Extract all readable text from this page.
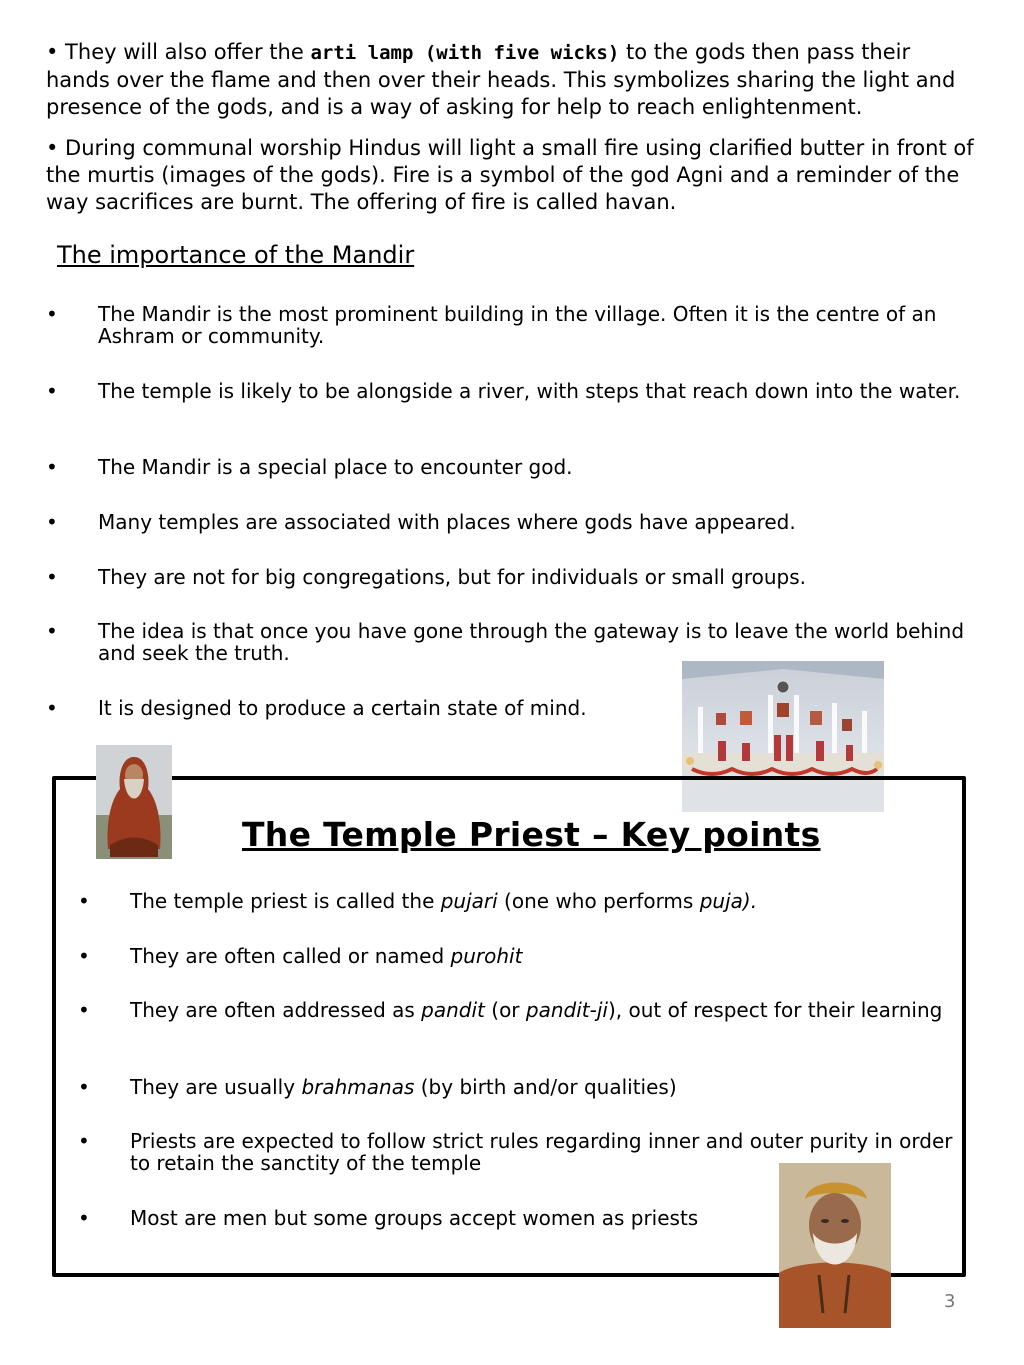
• They will also offer the arti lamp (with five wicks) to the gods then pass their hands over the flame and then over their heads. This symbolizes sharing the light and presence of the gods, and is a way of asking for help to reach enlightenment.

• During communal worship Hindus will light a small fire using clarified butter in front of the murtis (images of the gods). Fire is a symbol of the god Agni and a reminder of the way sacrifices are burnt. The offering of fire is called havan.

The importance of the Mandir
• The Mandir is the most prominent building in the village. Often it is the centre of an Ashram or community.
• The temple is likely to be alongside a river, with steps that reach down into the water.
• The Mandir is a special place to encounter god.
• Many temples are associated with places where gods have appeared.
• They are not for big congregations, but for individuals or small groups.
• The idea is that once you have gone through the gateway is to leave the world behind and seek the truth.
• It is designed to produce a certain state of mind.
The Temple Priest – Key points
• The temple priest is called the pujari (one who performs puja).
• They are often called or named purohit
• They are often addressed as pandit (or pandit-ji), out of respect for their learning
• They are usually brahmanas (by birth and/or qualities)
• Priests are expected to follow strict rules regarding inner and outer purity in order to retain the sanctity of the temple
• Most are men but some groups accept women as priests
3
